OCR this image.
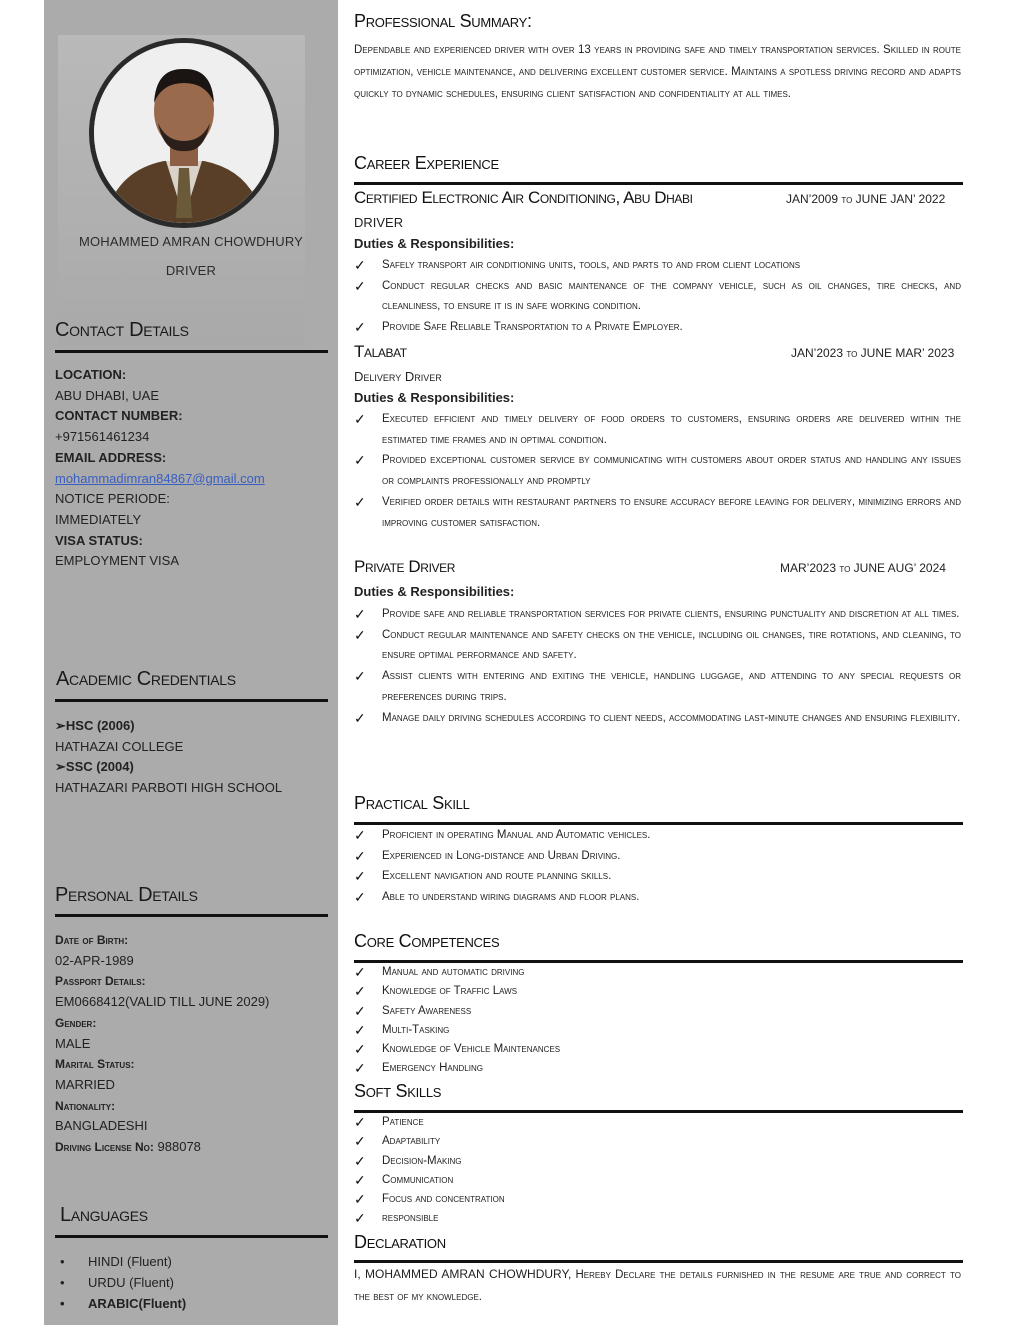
MOHAMMED AMRAN CHOWDHURY
DRIVER
Contact Details
LOCATION:
ABU DHABI, UAE
CONTACT NUMBER:
+971561461234
EMAIL ADDRESS:
mohammadimran84867@gmail.com
NOTICE PERIODE:
IMMEDIATELY
VISA STATUS:
EMPLOYMENT VISA
Academic Credentials
➢HSC (2006)
HATHAZAI COLLEGE
➢SSC (2004)
HATHAZARI PARBOTI HIGH SCHOOL
Personal Details
Date of Birth:
02-APR-1989
Passport Details:
EM0668412(VALID TILL JUNE 2029)
Gender:
MALE
Marital Status:
MARRIED
Nationality:
BANGLADESHI
Driving License No: 988078
Languages
• HINDI (Fluent)
• URDU (Fluent)
• ARABIC(Fluent)
Professional Summary:
Dependable and experienced driver with over 13 years in providing safe and timely transportation services. Skilled in route optimization, vehicle maintenance, and delivering excellent customer service. Maintains a spotless driving record and adapts quickly to dynamic schedules, ensuring client satisfaction and confidentiality at all times.
Career Experience
Certified Electronic Air Conditioning, Abu Dhabi	JAN’2009 to JUNE JAN’ 2022
DRIVER
Duties & Responsibilities:
✓ Safely transport air conditioning units, tools, and parts to and from client locations
✓ Conduct regular checks and basic maintenance of the company vehicle, such as oil changes, tire checks, and cleanliness, to ensure it is in safe working condition.
✓ Provide Safe Reliable Transportation to a Private Employer.
Talabat	JAN’2023 to JUNE MAR’ 2023
Delivery Driver
Duties & Responsibilities:
✓ Executed efficient and timely delivery of food orders to customers, ensuring orders are delivered within the estimated time frames and in optimal condition.
✓ Provided exceptional customer service by communicating with customers about order status and handling any issues or complaints professionally and promptly
✓ Verified order details with restaurant partners to ensure accuracy before leaving for delivery, minimizing errors and improving customer satisfaction.
Private Driver	MAR’2023 to JUNE AUG’ 2024
Duties & Responsibilities:
✓ Provide safe and reliable transportation services for private clients, ensuring punctuality and discretion at all times.
✓ Conduct regular maintenance and safety checks on the vehicle, including oil changes, tire rotations, and cleaning, to ensure optimal performance and safety.
✓ Assist clients with entering and exiting the vehicle, handling luggage, and attending to any special requests or preferences during trips.
✓ Manage daily driving schedules according to client needs, accommodating last-minute changes and ensuring flexibility.
Practical Skill
✓ Proficient in operating Manual and Automatic vehicles.
✓ Experienced in Long-distance and Urban Driving.
✓ Excellent navigation and route planning skills.
✓ Able to understand wiring diagrams and floor plans.
Core Competences
✓ Manual and automatic driving
✓ Knowledge of Traffic Laws
✓ Safety Awareness
✓ Multi-Tasking
✓ Knowledge of Vehicle Maintenances
✓ Emergency Handling
Soft Skills
✓ Patience
✓ Adaptability
✓ Decision-Making
✓ Communication
✓ Focus and concentration
✓ responsible
Declaration
I, MOHAMMED AMRAN CHOWHDURY, Hereby Declare the details furnished in the resume are true and correct to the best of my knowledge.
